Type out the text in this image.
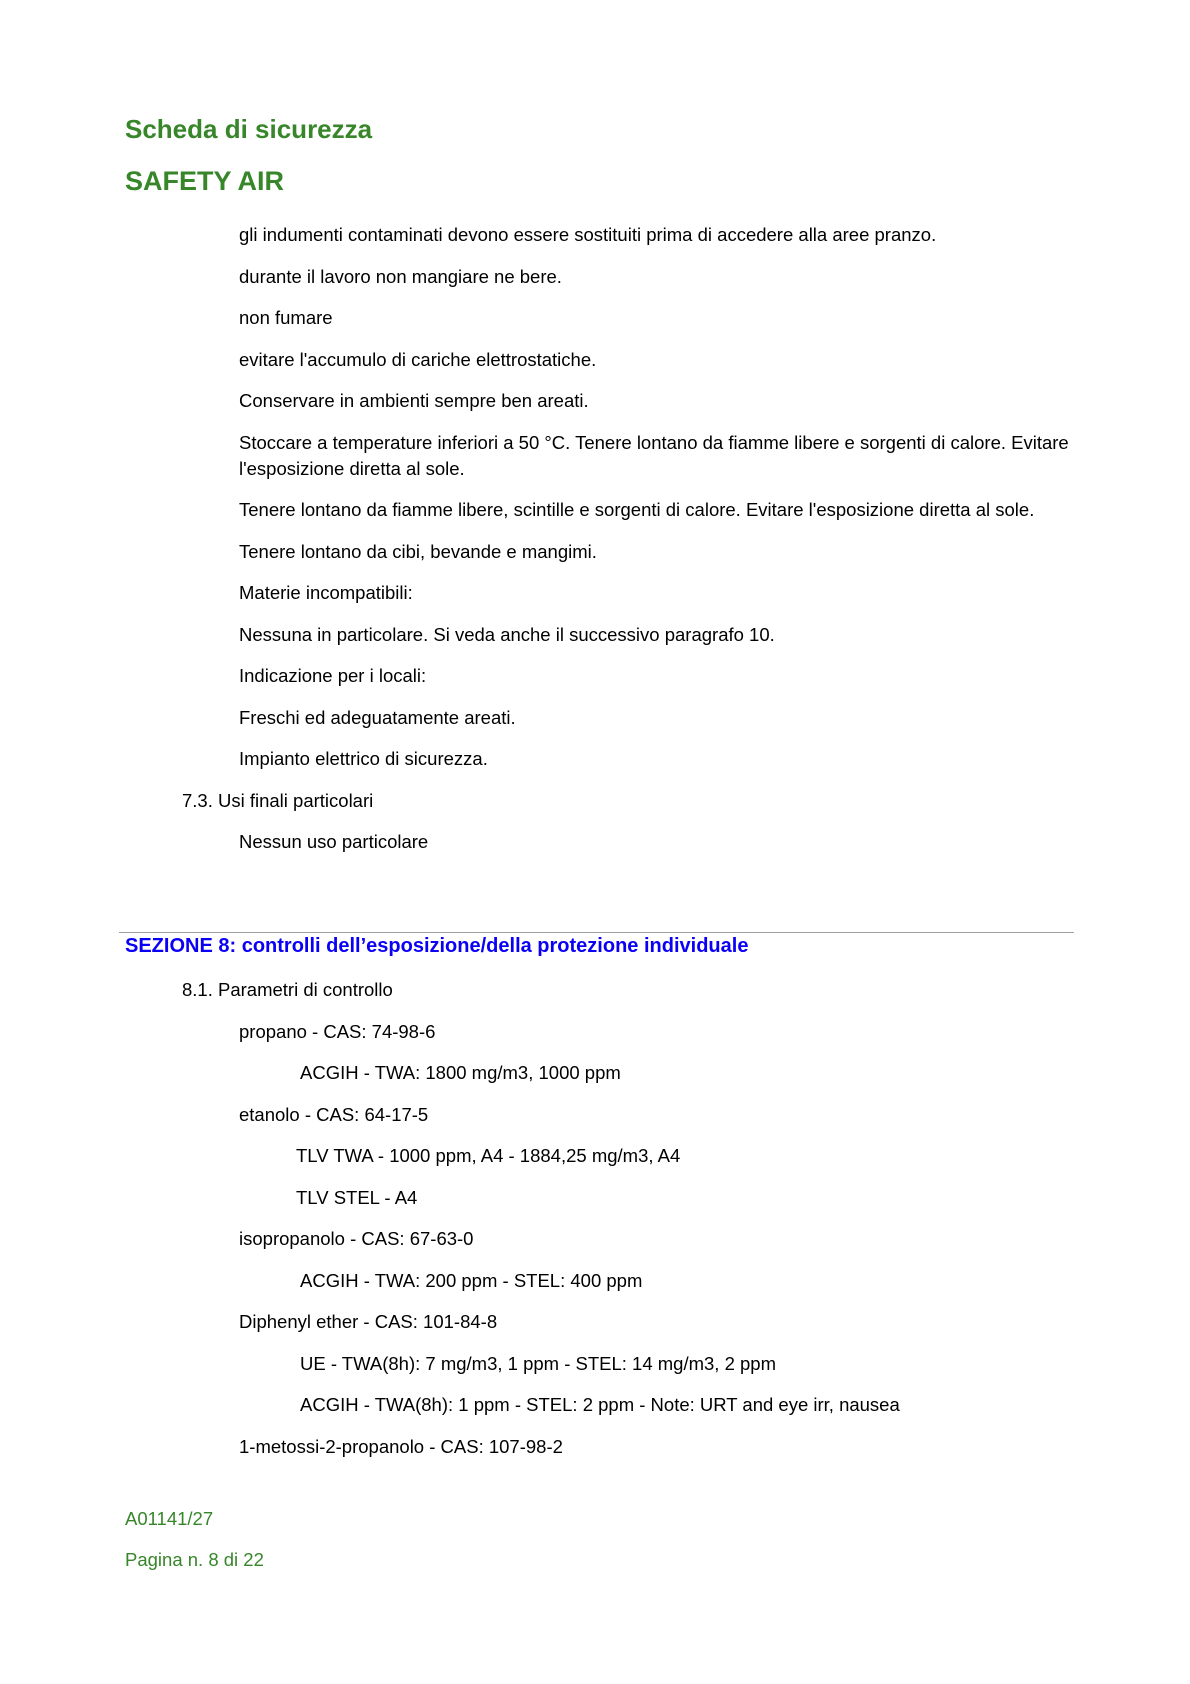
Scheda di sicurezza
SAFETY AIR

gli indumenti contaminati devono essere sostituiti prima di accedere alla aree pranzo.

durante il lavoro non mangiare ne bere.

non fumare

evitare l'accumulo di cariche elettrostatiche.

Conservare in ambienti sempre ben areati.

Stoccare a temperature inferiori a 50 °C. Tenere lontano da fiamme libere e sorgenti di calore. Evitare l'esposizione diretta al sole.

Tenere lontano da fiamme libere, scintille e sorgenti di calore. Evitare l'esposizione diretta al sole.

Tenere lontano da cibi, bevande e mangimi.

Materie incompatibili:

Nessuna in particolare. Si veda anche il successivo paragrafo 10.

Indicazione per i locali:

Freschi ed adeguatamente areati.

Impianto elettrico di sicurezza.

7.3. Usi finali particolari

Nessun uso particolare

SEZIONE 8: controlli dell’esposizione/della protezione individuale

8.1. Parametri di controllo

propano - CAS: 74-98-6

ACGIH - TWA: 1800 mg/m3, 1000 ppm

etanolo - CAS: 64-17-5

TLV TWA - 1000 ppm, A4 - 1884,25 mg/m3, A4

TLV STEL - A4

isopropanolo - CAS: 67-63-0

ACGIH - TWA: 200 ppm - STEL: 400 ppm

Diphenyl ether - CAS: 101-84-8

UE - TWA(8h): 7 mg/m3, 1 ppm - STEL: 14 mg/m3, 2 ppm

ACGIH - TWA(8h): 1 ppm - STEL: 2 ppm - Note: URT and eye irr, nausea

1-metossi-2-propanolo - CAS: 107-98-2

A01141/27
Pagina n. 8 di 22
